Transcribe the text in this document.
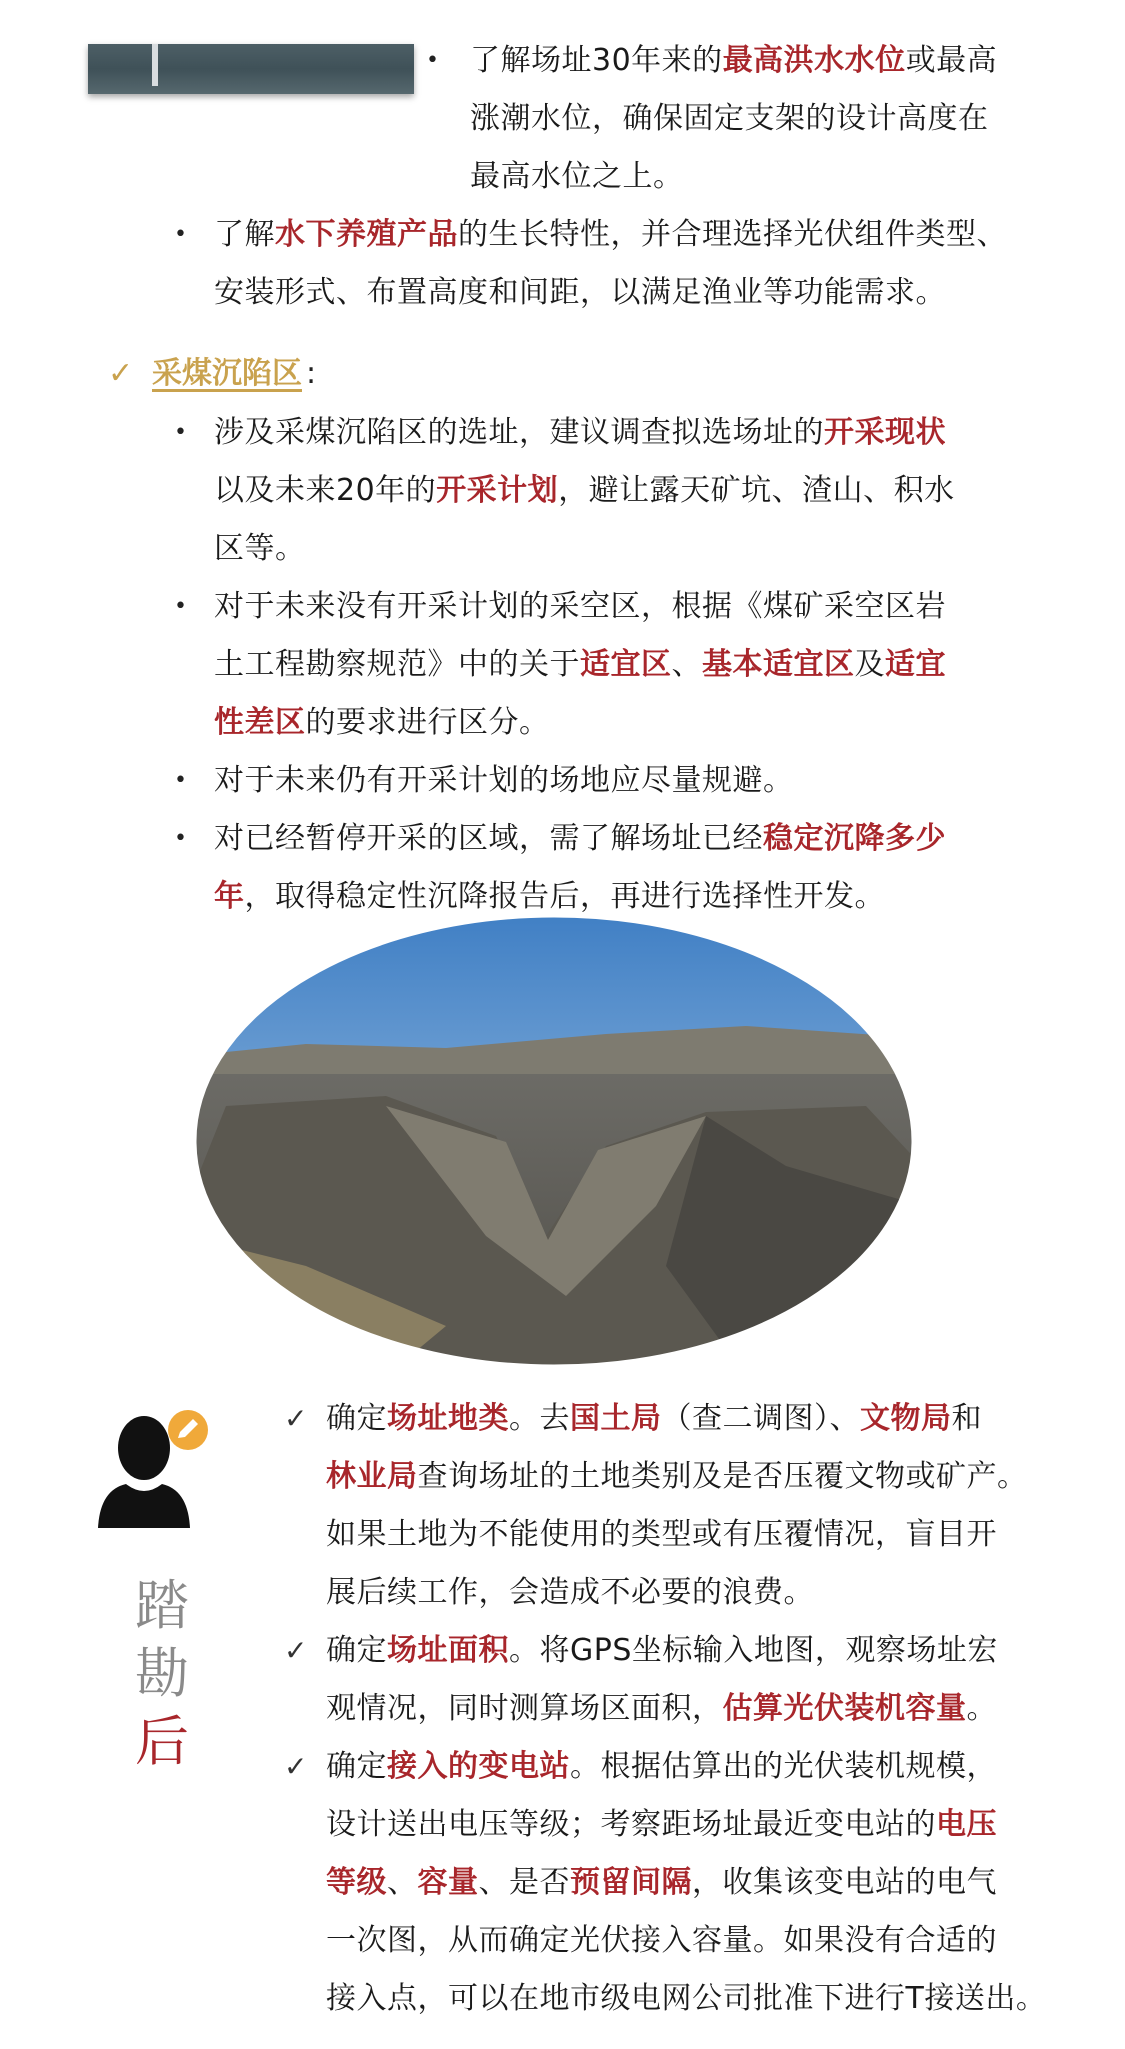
• 了解场址30年来的最高洪水水位或最高
涨潮水位，确保固定支架的设计高度在
最高水位之上。
• 了解水下养殖产品的生长特性，并合理选择光伏组件类型、
安装形式、布置高度和间距，以满足渔业等功能需求。
✓ 采煤沉陷区 :
• 涉及采煤沉陷区的选址，建议调查拟选场址的开采现状
以及未来20年的开采计划，避让露天矿坑、渣山、积水
区等。
• 对于未来没有开采计划的采空区，根据《煤矿采空区岩
土工程勘察规范》中的关于适宜区、基本适宜区及适宜
性差区的要求进行区分。
• 对于未来仍有开采计划的场地应尽量规避。
• 对已经暂停开采的区域，需了解场址已经稳定沉降多少
年，取得稳定性沉降报告后，再进行选择性开发。
踏
勘
后
✓ 确定场址地类。去国土局（查二调图）、文物局和
林业局查询场址的土地类别及是否压覆文物或矿产。
如果土地为不能使用的类型或有压覆情况，盲目开
展后续工作，会造成不必要的浪费。
✓ 确定场址面积。将GPS坐标输入地图，观察场址宏
观情况，同时测算场区面积，估算光伏装机容量。
✓ 确定接入的变电站。根据估算出的光伏装机规模，
设计送出电压等级；考察距场址最近变电站的电压
等级、容量、是否预留间隔，收集该变电站的电气
一次图，从而确定光伏接入容量。如果没有合适的
接入点，可以在地市级电网公司批准下进行T接送出。
